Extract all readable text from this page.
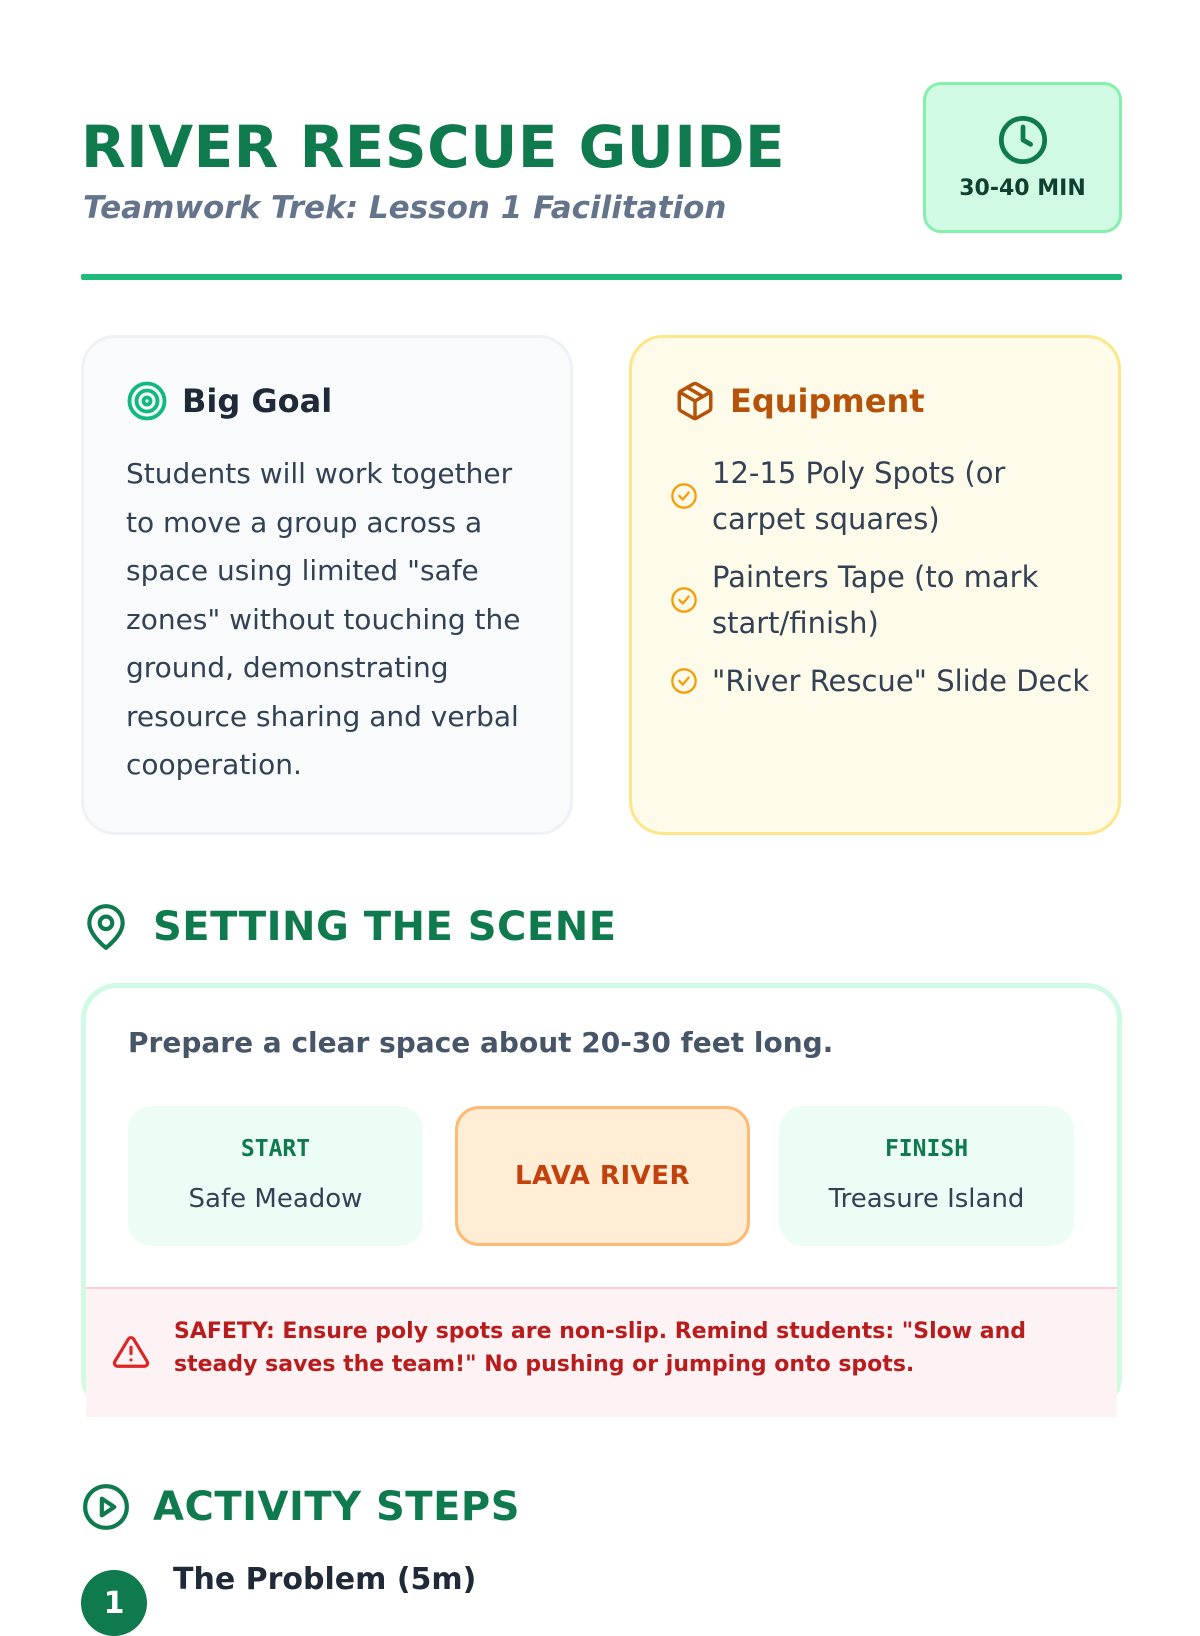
RIVER RESCUE GUIDE
Teamwork Trek: Lesson 1 Facilitation
30-40 MIN
Big Goal

Students will work together to move a group across a space using limited "safe zones" without touching the ground, demonstrating resource sharing and verbal cooperation.

Equipment
12-15 Poly Spots (or carpet squares)
Painters Tape (to mark start/finish)
"River Rescue" Slide Deck
SETTING THE SCENE

Prepare a clear space about 20-30 feet long.

START
Safe Meadow
LAVA RIVER
FINISH
Treasure Island

SAFETY: Ensure poly spots are non-slip. Remind students: "Slow and steady saves the team!" No pushing or jumping onto spots.

ACTIVITY STEPS
1
The Problem (5m)
